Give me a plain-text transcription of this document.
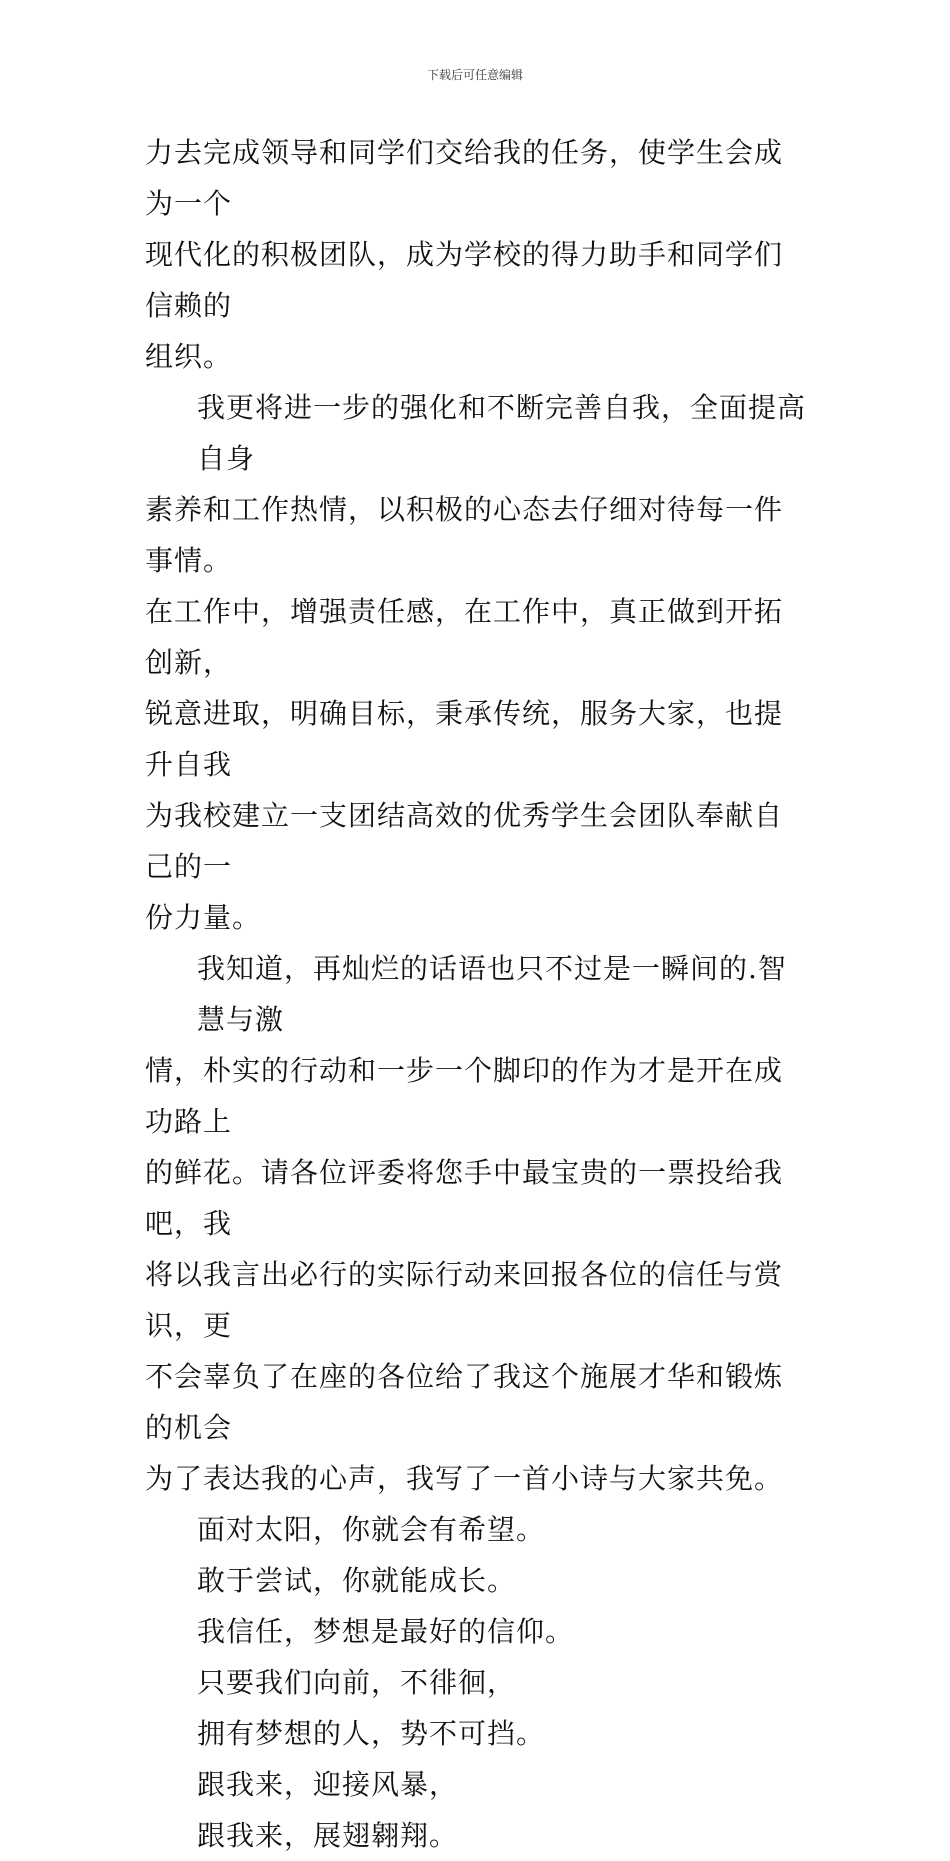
下载后可任意编辑

力去完成领导和同学们交给我的任务，使学生会成为一个

现代化的积极团队，成为学校的得力助手和同学们信赖的

组织。

我更将进一步的强化和不断完善自我，全面提高自身

素养和工作热情，以积极的心态去仔细对待每一件事情。

在工作中，增强责任感，在工作中，真正做到开拓创新，

锐意进取，明确目标，秉承传统，服务大家，也提升自我

为我校建立一支团结高效的优秀学生会团队奉献自己的一

份力量。

我知道，再灿烂的话语也只不过是一瞬间的.智慧与激

情，朴实的行动和一步一个脚印的作为才是开在成功路上

的鲜花。请各位评委将您手中最宝贵的一票投给我吧，我

将以我言出必行的实际行动来回报各位的信任与赏识，更

不会辜负了在座的各位给了我这个施展才华和锻炼的机会

为了表达我的心声，我写了一首小诗与大家共免。

面对太阳，你就会有希望。

敢于尝试，你就能成长。

我信任，梦想是最好的信仰。

只要我们向前，不徘徊，

拥有梦想的人，势不可挡。

跟我来，迎接风暴，

跟我来，展翅翱翔。
